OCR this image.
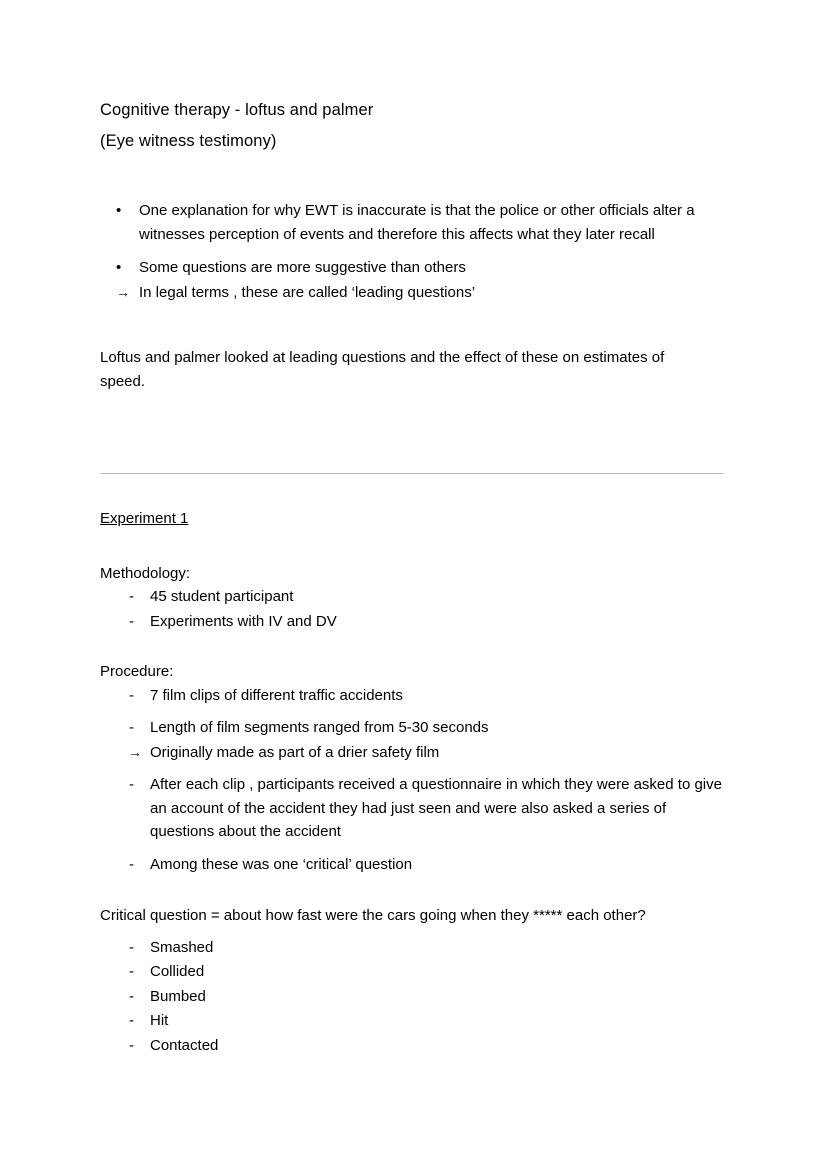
Cognitive therapy - loftus and palmer
(Eye witness testimony)
• One explanation for why EWT is inaccurate is that the police or other officials alter a witnesses perception of events and therefore this affects what they later recall
• Some questions are more suggestive than others
→ In legal terms , these are called ‘leading questions’
Loftus and palmer looked at leading questions and the effect of these on estimates of speed.
Experiment 1
Methodology:
- 45 student participant
- Experiments with IV and DV
Procedure:
- 7 film clips of different traffic accidents
- Length of film segments ranged from 5-30 seconds
→ Originally made as part of a drier safety film
- After each clip , participants received a questionnaire in which they were asked to give an account of the accident they had just seen and were also asked a series of questions about the accident
- Among these was one ‘critical’ question
Critical question = about how fast were the cars going when they ***** each other?
- Smashed
- Collided
- Bumbed
- Hit
- Contacted
